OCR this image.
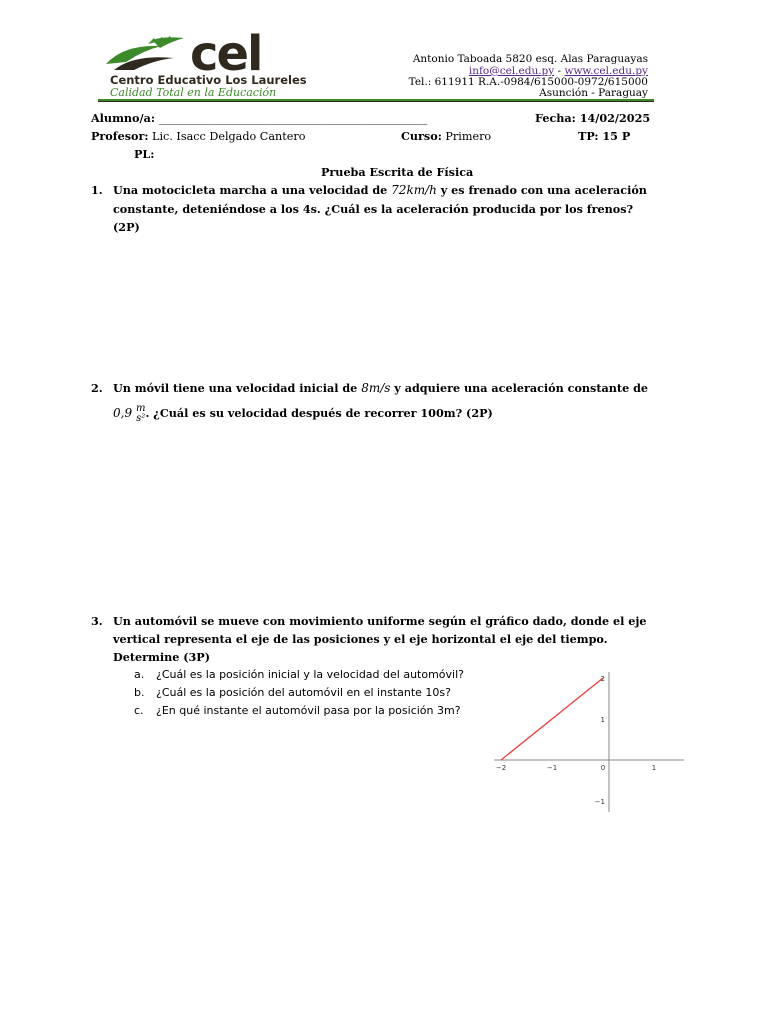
cel
Centro Educativo Los Laureles
Calidad Total en la Educación
Antonio Taboada 5820 esq. Alas Paraguayas
info@cel.edu.py - www.cel.edu.py
Tel.: 611911 R.A.-0984/615000-0972/615000
Asunción - Paraguay
Alumno/a: ________________________________________________	Fecha: 14/02/2025
Profesor: Lic. Isacc Delgado Cantero	Curso: Primero	TP: 15 P
PL:
Prueba Escrita de Física
1. Una motocicleta marcha a una velocidad de 72km/h y es frenado con una aceleración
constante, deteniéndose a los 4s. ¿Cuál es la aceleración producida por los frenos?
(2P)
2. Un móvil tiene una velocidad inicial de 8m/s y adquiere una aceleración constante de
0,9 m
s². ¿Cuál es su velocidad después de recorrer 100m? (2P)
3. Un automóvil se mueve con movimiento uniforme según el gráfico dado, donde el eje
vertical representa el eje de las posiciones y el eje horizontal el eje del tiempo.
Determine (3P)
a. ¿Cuál es la posición inicial y la velocidad del automóvil?
b. ¿Cuál es la posición del automóvil en el instante 10s?
c. ¿En qué instante el automóvil pasa por la posición 3m?
−2	−1	0	1
2
1
−1
